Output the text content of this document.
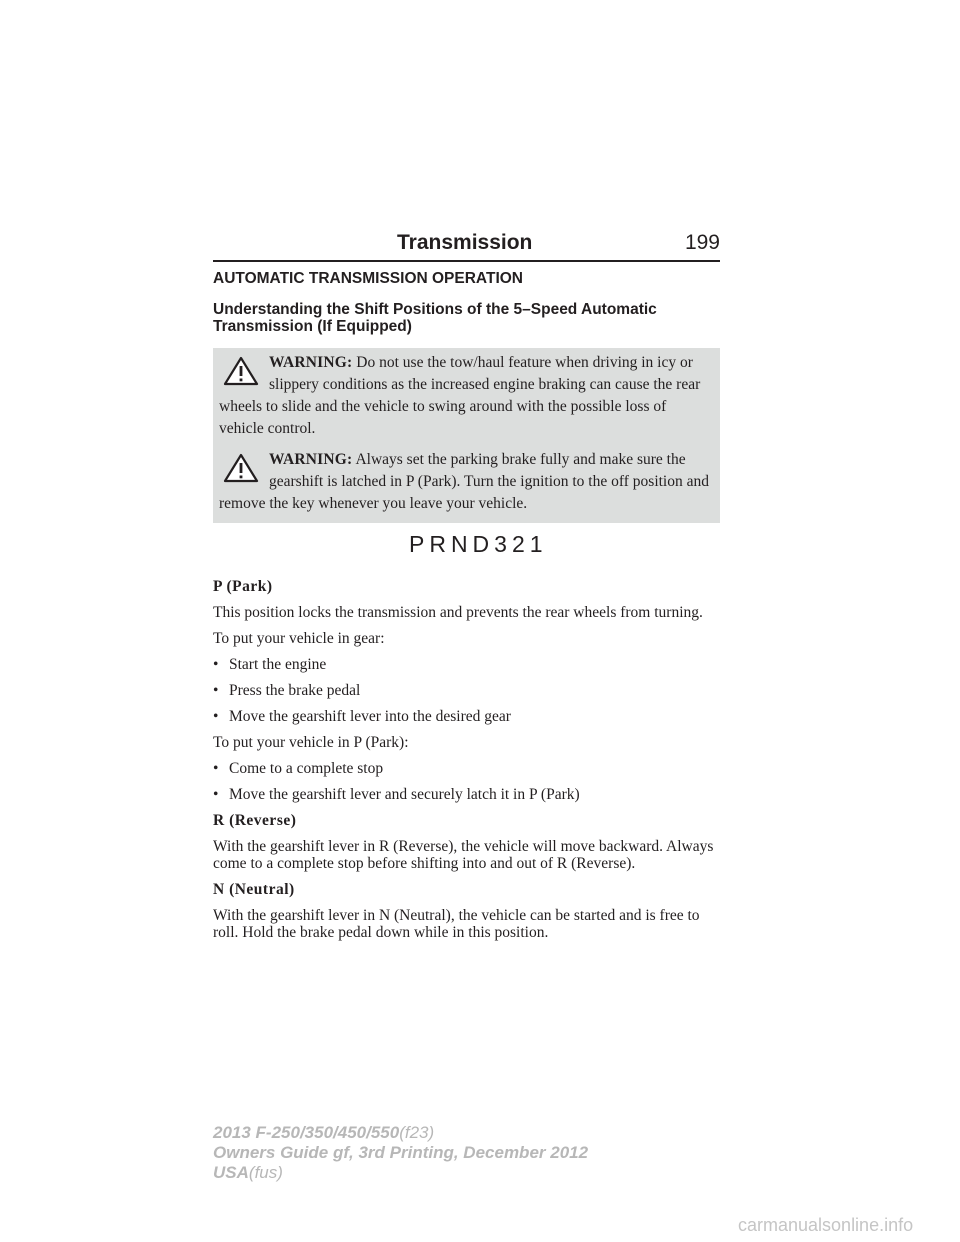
Transmission	199
AUTOMATIC TRANSMISSION OPERATION
Understanding the Shift Positions of the 5–Speed Automatic Transmission (If Equipped)
WARNING: Do not use the tow/haul feature when driving in icy or slippery conditions as the increased engine braking can cause the rear wheels to slide and the vehicle to swing around with the possible loss of vehicle control.
WARNING: Always set the parking brake fully and make sure the gearshift is latched in P (Park). Turn the ignition to the off position and remove the key whenever you leave your vehicle.
PRND321

P (Park)

This position locks the transmission and prevents the rear wheels from turning.

To put your vehicle in gear:

• Start the engine
• Press the brake pedal
• Move the gearshift lever into the desired gear

To put your vehicle in P (Park):

• Come to a complete stop
• Move the gearshift lever and securely latch it in P (Park)

R (Reverse)

With the gearshift lever in R (Reverse), the vehicle will move backward. Always come to a complete stop before shifting into and out of R (Reverse).

N (Neutral)

With the gearshift lever in N (Neutral), the vehicle can be started and is free to roll. Hold the brake pedal down while in this position.

2013 F-250/350/450/550(f23)
Owners Guide gf, 3rd Printing, December 2012
USA(fus)
carmanualsonline.info
